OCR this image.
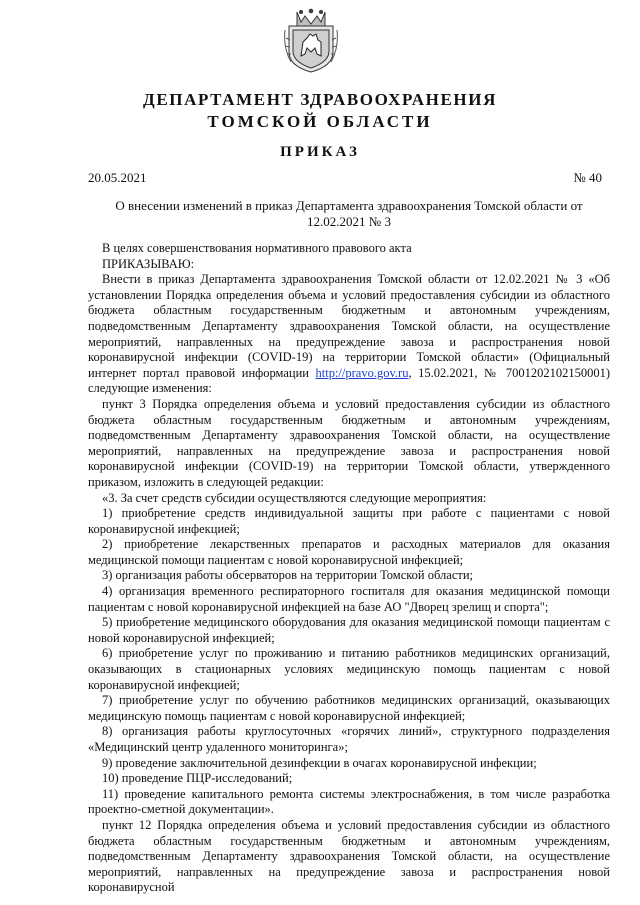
ДЕПАРТАМЕНТ ЗДРАВООХРАНЕНИЯ
ТОМСКОЙ ОБЛАСТИ
ПРИКАЗ
20.05.2021	№ 40
О внесении изменений в приказ Департамента здравоохранения Томской области от 12.02.2021 № 3

В целях совершенствования нормативного правового акта

ПРИКАЗЫВАЮ:

Внести в приказ Департамента здравоохранения Томской области от 12.02.2021 № 3 «Об установлении Порядка определения объема и условий предоставления субсидии из областного бюджета областным государственным бюджетным и автономным учреждениям, подведомственным Департаменту здравоохранения Томской области, на осуществление мероприятий, направленных на предупреждение завоза и распространения новой коронавирусной инфекции (COVID-19) на территории Томской области» (Официальный интернет портал правовой информации http://pravo.gov.ru, 15.02.2021, № 7001202102150001) следующие изменения:

пункт 3 Порядка определения объема и условий предоставления субсидии из областного бюджета областным государственным бюджетным и автономным учреждениям, подведомственным Департаменту здравоохранения Томской области, на осуществление мероприятий, направленных на предупреждение завоза и распространения новой коронавирусной инфекции (COVID-19) на территории Томской области, утвержденного приказом, изложить в следующей редакции:

«3. За счет средств субсидии осуществляются следующие мероприятия:

1) приобретение средств индивидуальной защиты при работе с пациентами с новой коронавирусной инфекцией;

2) приобретение лекарственных препаратов и расходных материалов для оказания медицинской помощи пациентам с новой коронавирусной инфекцией;

3) организация работы обсерваторов на территории Томской области;

4) организация временного респираторного госпиталя для оказания медицинской помощи пациентам с новой коронавирусной инфекцией на базе АО "Дворец зрелищ и спорта";

5) приобретение медицинского оборудования для оказания медицинской помощи пациентам с новой коронавирусной инфекцией;

6) приобретение услуг по проживанию и питанию работников медицинских организаций, оказывающих в стационарных условиях медицинскую помощь пациентам с новой коронавирусной инфекцией;

7) приобретение услуг по обучению работников медицинских организаций, оказывающих медицинскую помощь пациентам с новой коронавирусной инфекцией;

8) организация работы круглосуточных «горячих линий», структурного подразделения «Медицинский центр удаленного мониторинга»;

9) проведение заключительной дезинфекции в очагах коронавирусной инфекции;

10) проведение ПЦР-исследований;

11) проведение капитального ремонта системы электроснабжения, в том числе разработка проектно-сметной документации».

пункт 12 Порядка определения объема и условий предоставления субсидии из областного бюджета областным государственным бюджетным и автономным учреждениям, подведомственным Департаменту здравоохранения Томской области, на осуществление мероприятий, направленных на предупреждение завоза и распространения новой коронавирусной
